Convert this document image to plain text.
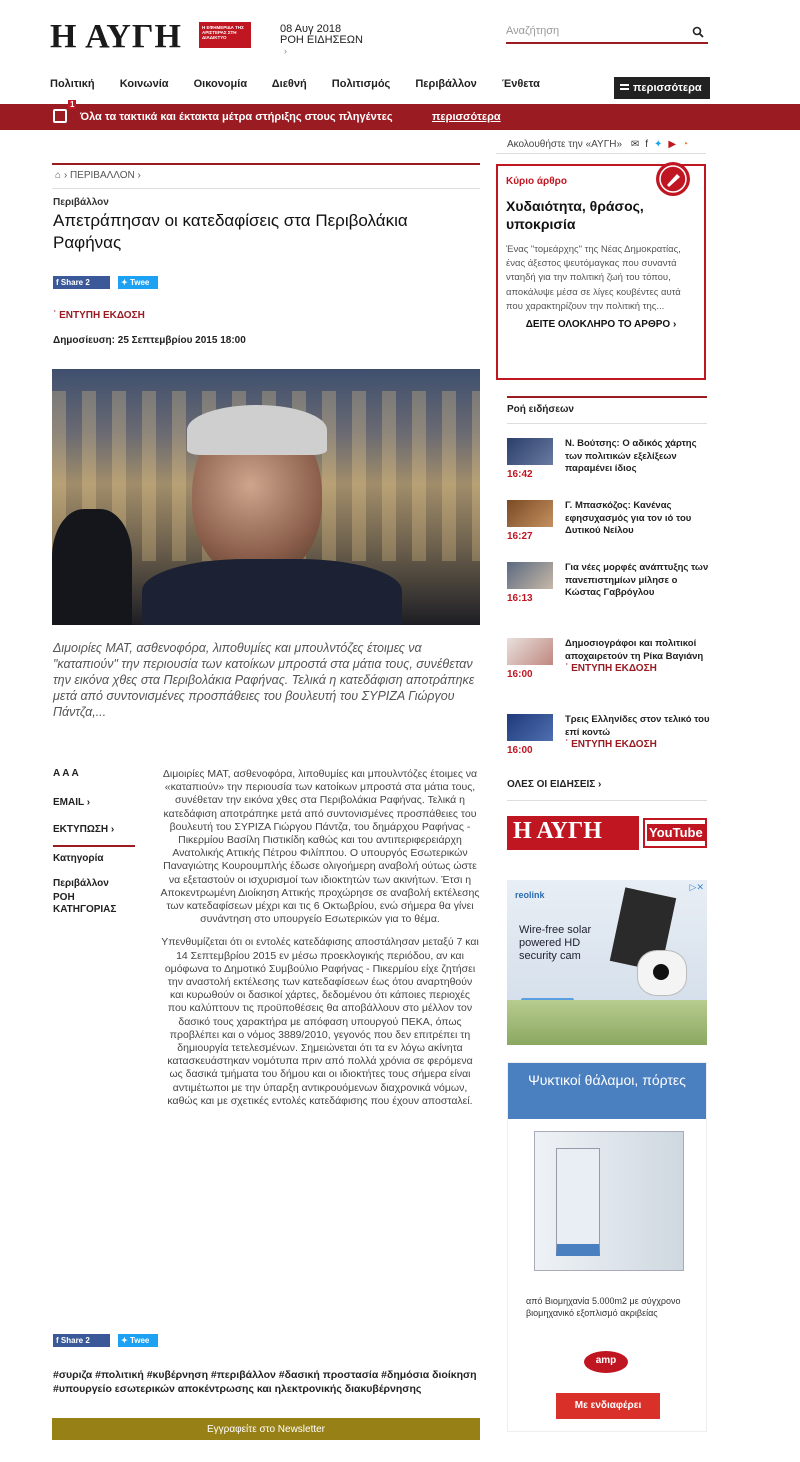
Η ΑΥΓΗ	Η ΕΦΗΜΕΡΙΔΑ ΤΗΣ ΑΡΙΣΤΕΡΑΣ ΣΤΗ ΔΙΑΔΙΚΤΥΟ
08 Αυγ 2018
ΡΟΗ ΕΙΔΗΣΕΩΝ
›
Αναζήτηση
Πολιτική Κοινωνία Οικονομία Διεθνή Πολιτισμός Περιβάλλον Ένθετα	περισσότερα
1
Όλα τα τακτικά και έκτακτα μέτρα στήριξης στους πληγέντες	περισσότερα
⌂ › ΠΕΡΙΒΑΛΛΟΝ ›
Περιβάλλον
Απετράπησαν οι κατεδαφίσεις στα Περιβολάκια Ραφήνας
f Share 2	✦ Twee
˙ ΕΝΤΥΠΗ ΕΚΔΟΣΗ
Δημοσίευση: 25 Σεπτεμβρίου 2015 18:00
Διμοιρίες ΜΑΤ, ασθενοφόρα, λιποθυμίες και μπουλντόζες έτοιμες να "καταπιούν" την περιουσία των κατοίκων μπροστά στα μάτια τους, συνέθεταν την εικόνα χθες στα Περιβολάκια Ραφήνας. Τελικά η κατεδάφιση αποτράπηκε μετά από συντονισμένες προσπάθειες του βουλευτή του ΣΥΡΙΖΑ Γιώργου Πάντζα,...
A A A
EMAIL ›
ΕΚΤΥΠΩΣΗ ›
Κατηγορία
Περιβάλλον
ΡΟΗ ΚΑΤΗΓΟΡΙΑΣ

Διμοιρίες ΜΑΤ, ασθενοφόρα, λιποθυμίες και μπουλντόζες έτοιμες να «καταπιούν» την περιουσία των κατοίκων μπροστά στα μάτια τους, συνέθεταν την εικόνα χθες στα Περιβολάκια Ραφήνας. Τελικά η κατεδάφιση αποτράπηκε μετά από συντονισμένες προσπάθειες του βουλευτή του ΣΥΡΙΖΑ Γιώργου Πάντζα, του δημάρχου Ραφήνας - Πικερμίου Βασίλη Πιστικίδη καθώς και του αντιπεριφερειάρχη Ανατολικής Αττικής Πέτρου Φιλίππου. Ο υπουργός Εσωτερικών Παναγιώτης Κουρουμπλής έδωσε ολιγοήμερη αναβολή ούτως ώστε να εξεταστούν οι ισχυρισμοί των ιδιοκτητών των ακινήτων. Έτσι η Αποκεντρωμένη Διοίκηση Αττικής προχώρησε σε αναβολή εκτέλεσης των κατεδαφίσεων μέχρι και τις 6 Οκτωβρίου, ενώ σήμερα θα γίνει συνάντηση στο υπουργείο Εσωτερικών για το θέμα.

Υπενθυμίζεται ότι οι εντολές κατεδάφισης αποστάλησαν μεταξύ 7 και 14 Σεπτεμβρίου 2015 εν μέσω προεκλογικής περιόδου, αν και ομόφωνα το Δημοτικό Συμβούλιο Ραφήνας - Πικερμίου είχε ζητήσει την αναστολή εκτέλεσης των κατεδαφίσεων έως ότου αναρτηθούν και κυρωθούν οι δασικοί χάρτες, δεδομένου ότι κάποιες περιοχές που καλύπτουν τις προϋποθέσεις θα αποβάλλουν στο μέλλον τον δασικό τους χαρακτήρα με απόφαση υπουργού ΠΕΚΑ, όπως προβλέπει και ο νόμος 3889/2010, γεγονός που δεν επιτρέπει τη δημιουργία τετελεσμένων. Σημειώνεται ότι τα εν λόγω ακίνητα κατασκευάστηκαν νομότυπα πριν από πολλά χρόνια σε φερόμενα ως δασικά τμήματα του δήμου και οι ιδιοκτήτες τους σήμερα είναι αντιμέτωποι με την ύπαρξη αντικρουόμενων διαχρονικά νόμων, καθώς και με σχετικές εντολές κατεδάφισης που έχουν αποσταλεί.

f Share 2	✦ Twee
#συριζα #πολιτική #κυβέρνηση #περιβάλλον #δασική προστασία #δημόσια διοίκηση #υπουργείο εσωτερικών αποκέντρωσης και ηλεκτρονικής διακυβέρνησης
Εγγραφείτε στο Newsletter
Ακολουθήστε την «ΑΥΓΗ» ✉f✦▶◔
Κύριο άρθρο
Χυδαιότητα, θράσος, υποκρισία
Ένας "τομεάρχης" της Νέας Δημοκρατίας, ένας άξεστος ψευτόμαγκας που συναντά νταηδή για την πολιτική ζωή του τόπου, αποκάλυψε μέσα σε λίγες κουβέντες αυτά που χαρακτηρίζουν την πολιτική της...
ΔΕΙΤΕ ΟΛΟΚΛΗΡΟ ΤΟ ΑΡΘΡΟ ›
Ροή ειδήσεων
16:42
Ν. Βούτσης: Ο αδικός χάρτης των πολιτικών εξελίξεων παραμένει ίδιος
16:27
Γ. Μπασκόζος: Κανένας εφησυχασμός για τον ιό του Δυτικού Νείλου
16:13
Για νέες μορφές ανάπτυξης των πανεπιστημίων μίλησε ο Κώστας Γαβρόγλου
16:00
Δημοσιογράφοι και πολιτικοί αποχαιρετούν τη Ρίκα Βαγιάνη
˙ ΕΝΤΥΠΗ ΕΚΔΟΣΗ
16:00
Τρεις Ελληνίδες στον τελικό του επί κοντώ
˙ ΕΝΤΥΠΗ ΕΚΔΟΣΗ
ΟΛΕΣ ΟΙ ΕΙΔΗΣΕΙΣ ›
Η ΑΥΓΗ	YouTube
▷✕
reolink
Wire-free solar powered HD security cam
Ψυκτικοί θάλαμοι, πόρτες
από Βιομηχανία 5.000m2 με σύγχρονο βιομηχανικό εξοπλισμό ακριβείας
amp
Με ενδιαφέρει
